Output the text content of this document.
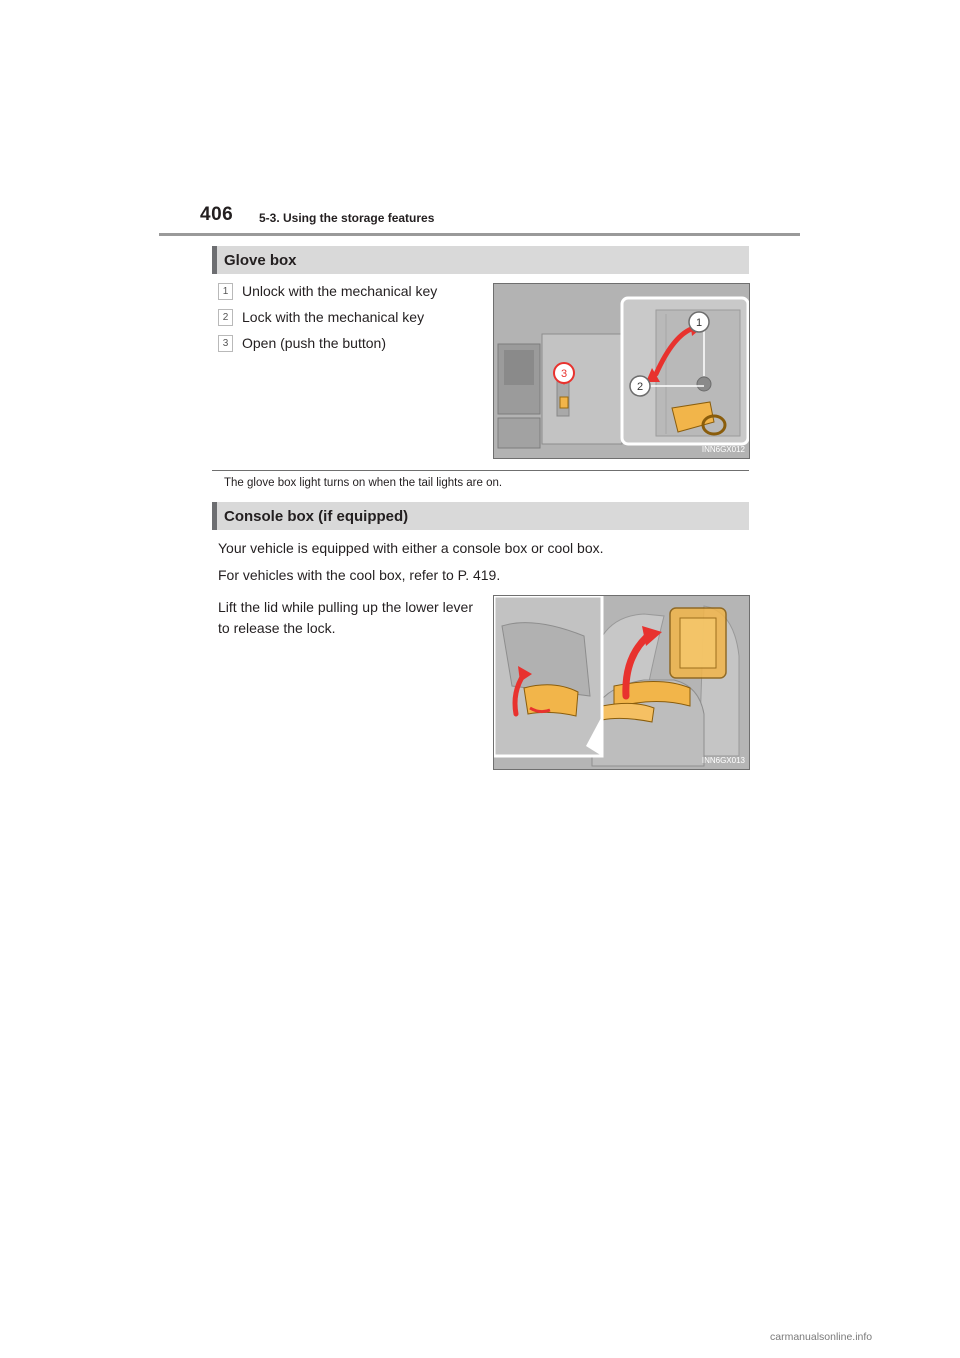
406 5-3. Using the storage features
Glove box
1 Unlock with the mechanical key
2 Lock with the mechanical key
3 Open (push the button)
3
1
2
INN6GX012
The glove box light turns on when the tail lights are on.
Console box (if equipped)
Your vehicle is equipped with either a console box or cool box.
For vehicles with the cool box, refer to P. 419.
Lift the lid while pulling up the lower lever to release the lock.
INN6GX013
carmanualsonline.info
